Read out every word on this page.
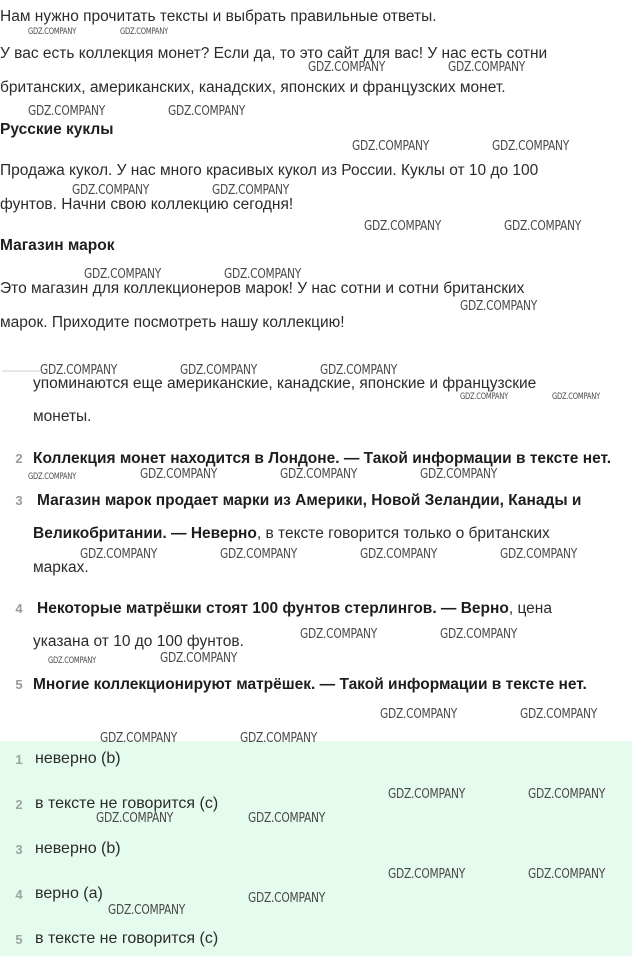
Нам нужно прочитать тексты и выбрать правильные ответы.
У вас есть коллекция монет? Если да, то это сайт для вас! У нас есть сотни
британских, американских, канадских, японских и французских монет.
Русские куклы
Продажа кукол. У нас много красивых кукол из России. Куклы от 10 до 100
фунтов. Начни свою коллекцию сегодня!
Магазин марок
Это магазин для коллекционеров марок! У нас сотни и сотни британских
марок. Приходите посмотреть нашу коллекцию!
упоминаются еще американские, канадские, японские и французские
монеты.
2 Коллекция монет находится в Лондоне. — Такой информации в тексте нет.
3 Магазин марок продает марки из Америки, Новой Зеландии, Канады и
Великобритании. — Неверно, в тексте говорится только о британских
марках.
4 Некоторые матрёшки стоят 100 фунтов стерлингов. — Верно, цена
указана от 10 до 100 фунтов.
5 Многие коллекционируют матрёшек. — Такой информации в тексте нет.
1 неверно (b)
2 в тексте не говорится (c)
3 неверно (b)
4 верно (a)
5 в тексте не говорится (c)
GDZ.COMPANY	GDZ.COMPANY
GDZ.COMPANY	GDZ.COMPANY
GDZ.COMPANY	GDZ.COMPANY
GDZ.COMPANY	GDZ.COMPANY
GDZ.COMPANY	GDZ.COMPANY
GDZ.COMPANY	GDZ.COMPANY
GDZ.COMPANY	GDZ.COMPANY
GDZ.COMPANY
GDZ.COMPANY	GDZ.COMPANY	GDZ.COMPANY
GDZ.COMPANY	GDZ.COMPANY
GDZ.COMPANY	GDZ.COMPANY	GDZ.COMPANY	GDZ.COMPANY
GDZ.COMPANY	GDZ.COMPANY	GDZ.COMPANY	GDZ.COMPANY
GDZ.COMPANY	GDZ.COMPANY
GDZ.COMPANY	GDZ.COMPANY
GDZ.COMPANY	GDZ.COMPANY
GDZ.COMPANY	GDZ.COMPANY
GDZ.COMPANY	GDZ.COMPANY
GDZ.COMPANY	GDZ.COMPANY
GDZ.COMPANY	GDZ.COMPANY
GDZ.COMPANY
GDZ.COMPANY
